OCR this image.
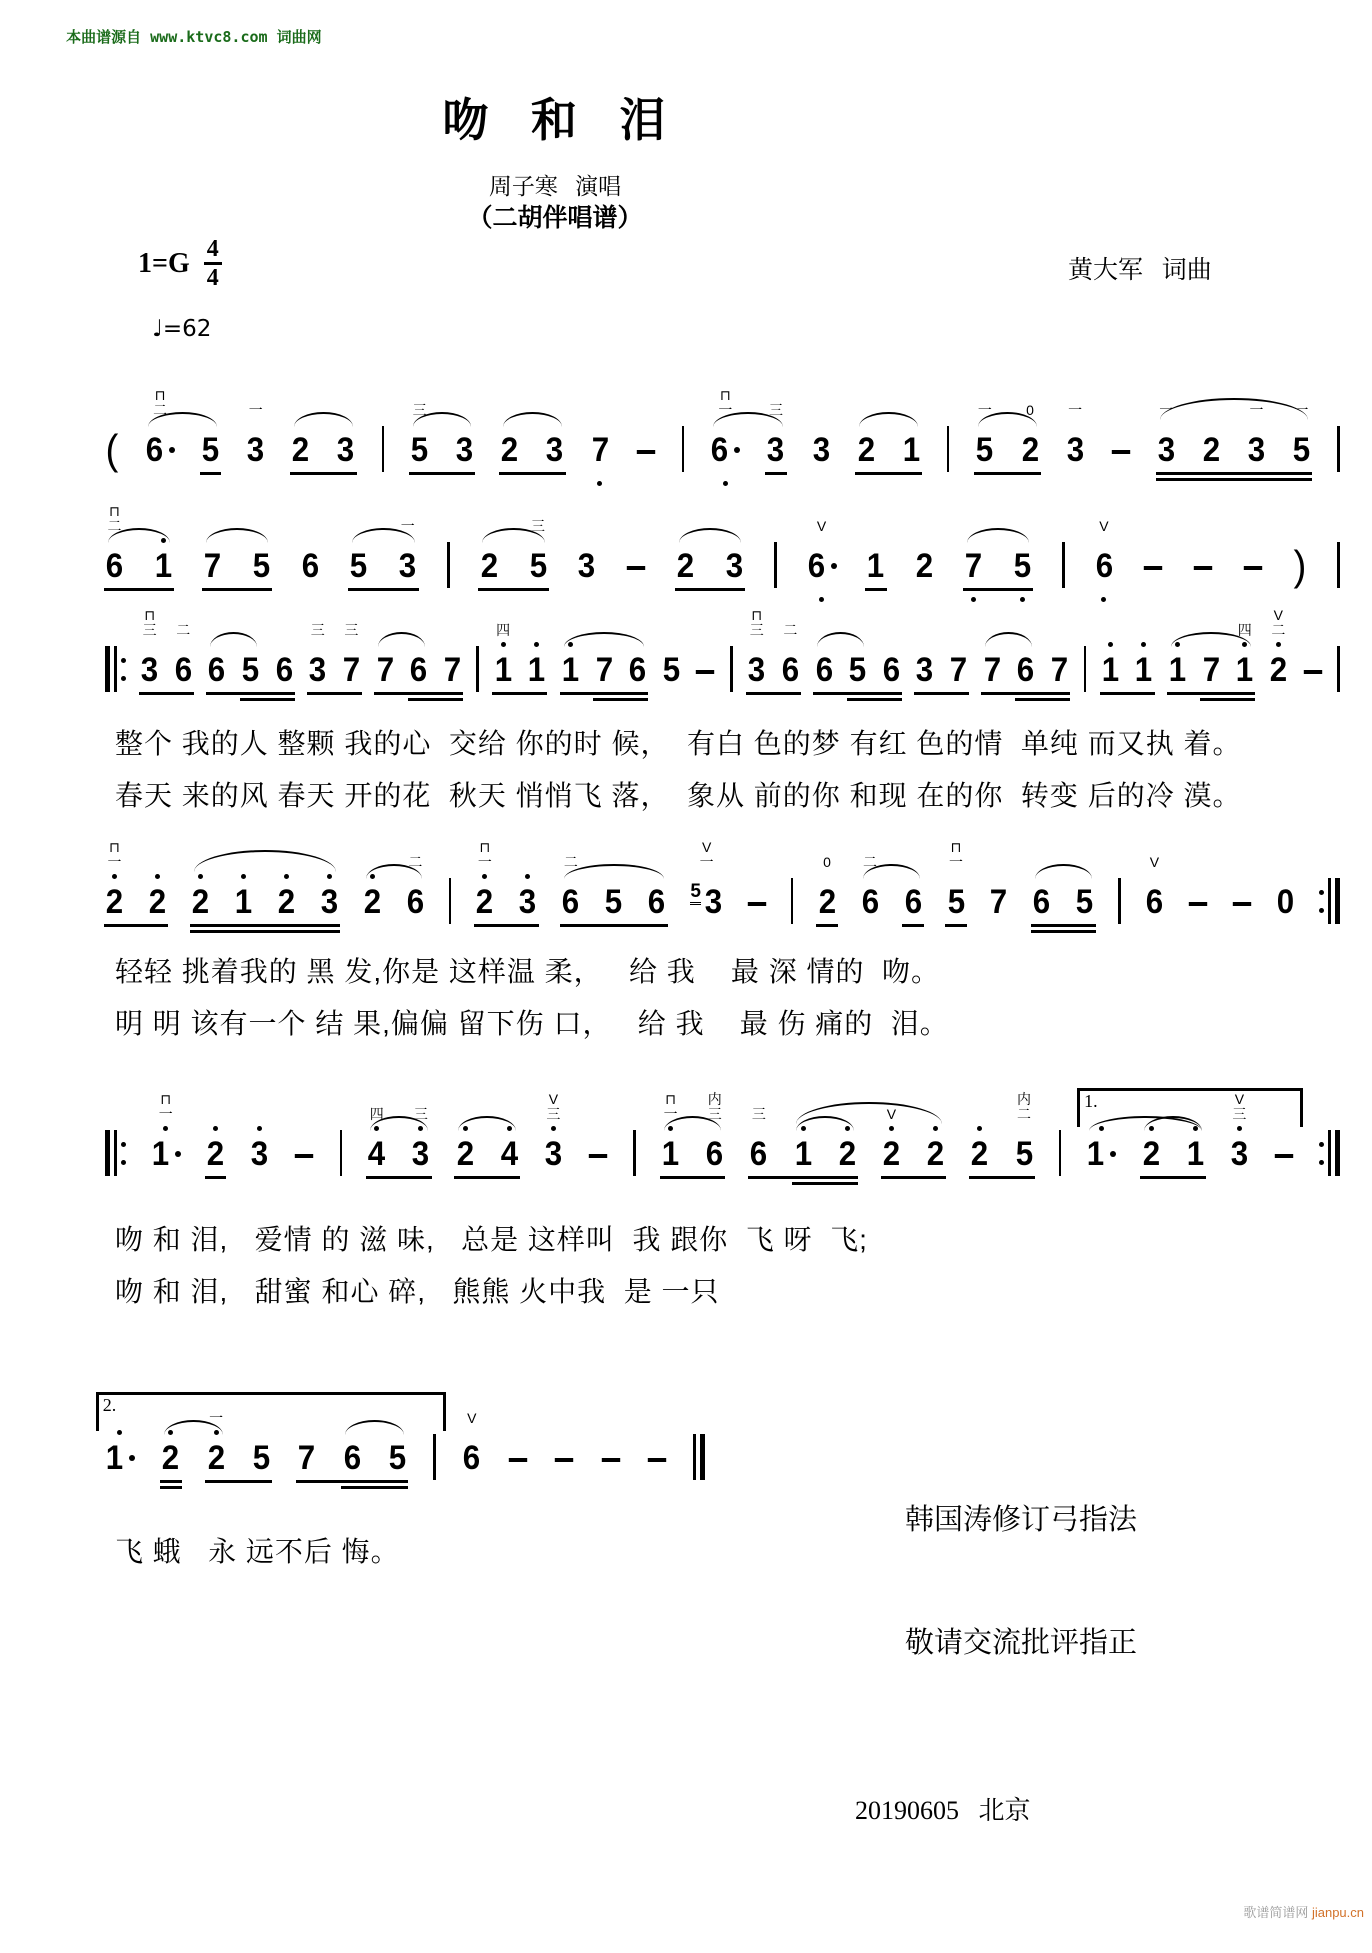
本曲谱源自 www.ktvc8.com 词曲网

吻   和   泪
周子寒   演唱
（二胡伴唱谱）
$1=G \frac{4}{4}$
♩=62
黄大军   词曲
(
⊓
二
6 5
一
3 2 3
三
5 3 2 3 7
⊓
一
6
三
3 3 2 1
一
5
0
2
一
3
一
3 2
一
3
一
5
⊓
二
6 1 7 5 6 5
一
3 2
三
5 3 2 3
V
6 1 2 7 5
V
6	)
⊓
三
3
二
6 6 5 6
三
3
三
7 7 6 7
四
1 1 1 7 6 5
⊓
三
3
二
6 6 5 6 3 7 7 6 7 1 1 1 7
四
1
V
二
2
整个 我的人 整颗 我的心  交给 你的时 候，  有白 色的梦 有红 色的情  单纯 而又执 着。
春天 来的风 春天 开的花  秋天 悄悄飞 落，  象从 前的你 和现 在的你  转变 后的冷 漠。
⊓
一
2 2 2 1 2 3 2
二
6
⊓
一
2 3
二
6 5 6
V
一
5 3
0
2
二
6 6
⊓
一
5 7 6 5
V
6	0
轻轻 挑着我的 黑 发,你是 这样温 柔，   给 我    最 深 情的  吻。
明 明 该有一个 结 果,偏偏 留下伤 口，   给 我    最 伤 痛的  泪。
⊓
一
1 2 3
四
4
三
3 2 4
V
三
3
⊓
一
1
内
三
6
三
6 1 2
V
2 2 2
内
二
5 1 2 1
V
三
3
1.
吻 和 泪,   爱情 的 滋 味,   总是 这样叫  我 跟你  飞 呀  飞;
吻 和 泪,   甜蜜 和心 碎,   熊熊 火中我  是 一只
1 2
一
2 5 7 6 5
V
6
2.

韩国涛修订弓指法

敬请交流批评指正

飞 蛾   永 远不后 悔。
20190605 北京
歌谱简谱网 jianpu.cn
